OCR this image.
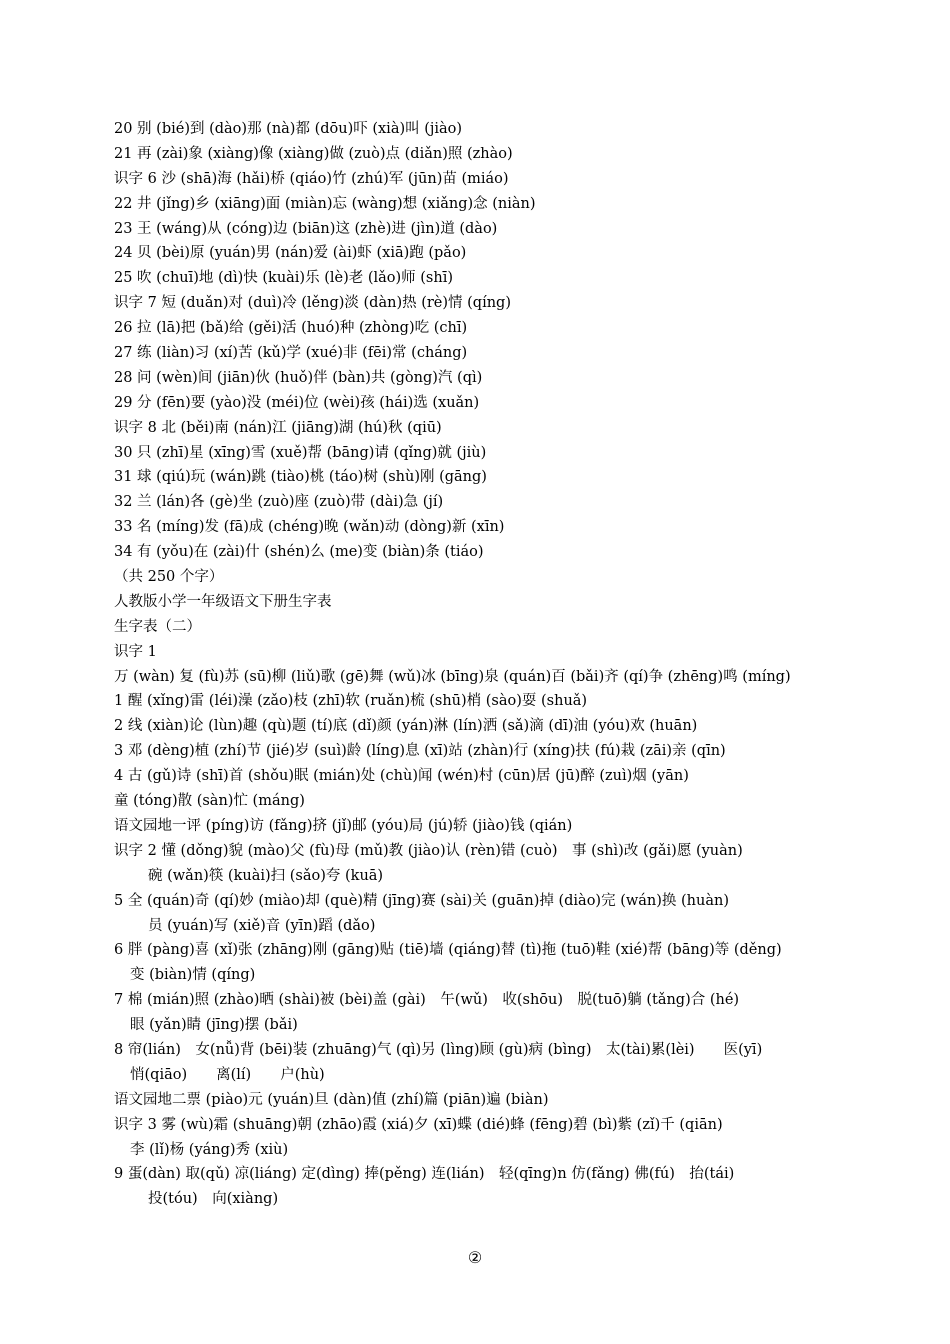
20 别 (bié)到 (dào)那 (nà)都 (dōu)吓 (xià)叫 (jiào)
21 再 (zài)象 (xiàng)像 (xiàng)做 (zuò)点 (diǎn)照 (zhào)
识字 6 沙 (shā)海 (hǎi)桥 (qiáo)竹 (zhú)军 (jūn)苗 (miáo)
22 井 (jǐng)乡 (xiāng)面 (miàn)忘 (wàng)想 (xiǎng)念 (niàn)
23 王 (wáng)从 (cóng)边 (biān)这 (zhè)进 (jìn)道 (dào)
24 贝 (bèi)原 (yuán)男 (nán)爱 (ài)虾 (xiā)跑 (pǎo)
25 吹 (chuī)地 (dì)快 (kuài)乐 (lè)老 (lǎo)师 (shī)
识字 7 短 (duǎn)对 (duì)冷 (lěng)淡 (dàn)热 (rè)情 (qíng)
26 拉 (lā)把 (bǎ)给 (gěi)活 (huó)种 (zhòng)吃 (chī)
27 练 (liàn)习 (xí)苦 (kǔ)学 (xué)非 (fēi)常 (cháng)
28 问 (wèn)间 (jiān)伙 (huǒ)伴 (bàn)共 (gòng)汽 (qì)
29 分 (fēn)要 (yào)没 (méi)位 (wèi)孩 (hái)选 (xuǎn)
识字 8 北 (běi)南 (nán)江 (jiāng)湖 (hú)秋 (qiū)
30 只 (zhī)星 (xīng)雪 (xuě)帮 (bāng)请 (qǐng)就 (jiù)
31 球 (qiú)玩 (wán)跳 (tiào)桃 (táo)树 (shù)刚 (gāng)
32 兰 (lán)各 (gè)坐 (zuò)座 (zuò)带 (dài)急 (jí)
33 名 (míng)发 (fā)成 (chéng)晚 (wǎn)动 (dòng)新 (xīn)
34 有 (yǒu)在 (zài)什 (shén)么 (me)变 (biàn)条 (tiáo)
（共 250 个字）
人教版小学一年级语文下册生字表
生字表（二）
识字 1
万 (wàn) 复 (fù)苏 (sū)柳 (liǔ)歌 (gē)舞 (wǔ)冰 (bīng)泉 (quán)百 (bǎi)齐 (qí)争 (zhēng)鸣 (míng)
1 醒 (xǐng)雷 (léi)澡 (zǎo)枝 (zhī)软 (ruǎn)梳 (shū)梢 (sào)耍 (shuǎ)
2 线 (xiàn)论 (lùn)趣 (qù)题 (tí)底 (dǐ)颜 (yán)淋 (lín)洒 (sǎ)滴 (dī)油 (yóu)欢 (huān)
3 邓 (dèng)植 (zhí)节 (jié)岁 (suì)龄 (líng)息 (xī)站 (zhàn)行 (xíng)扶 (fú)栽 (zāi)亲 (qīn)
4 古 (gǔ)诗 (shī)首 (shǒu)眠 (mián)处 (chù)闻 (wén)村 (cūn)居 (jū)醉 (zuì)烟 (yān)
童 (tóng)散 (sàn)忙 (máng)
语文园地一评 (píng)访 (fǎng)挤 (jǐ)邮 (yóu)局 (jú)轿 (jiào)钱 (qián)
识字 2 懂 (dǒng)貌 (mào)父 (fù)母 (mǔ)教 (jiào)认 (rèn)错 (cuò)　事 (shì)改 (gǎi)愿 (yuàn)
碗 (wǎn)筷 (kuài)扫 (sǎo)夸 (kuā)
5 全 (quán)奇 (qí)妙 (miào)却 (què)精 (jīng)赛 (sài)关 (guān)掉 (diào)完 (wán)换 (huàn)
员 (yuán)写 (xiě)音 (yīn)蹈 (dǎo)
6 胖 (pàng)喜 (xǐ)张 (zhāng)刚 (gāng)贴 (tiē)墙 (qiáng)替 (tì)拖 (tuō)鞋 (xié)帮 (bāng)等 (děng)
变 (biàn)情 (qíng)
7 棉 (mián)照 (zhào)晒 (shài)被 (bèi)盖 (gài)　午(wǔ)　收(shōu)　脱(tuō)躺 (tǎng)合 (hé)
眼 (yǎn)睛 (jīng)摆 (bǎi)
8 帘(lián)　女(nǚ)背 (bēi)装 (zhuāng)气 (qì)另 (lìng)顾 (gù)病 (bìng)　太(tài)累(lèi)　　医(yī)
悄(qiāo)　　离(lí)　　户(hù)
语文园地二票 (piào)元 (yuán)旦 (dàn)值 (zhí)篇 (piān)遍 (biàn)
识字 3 雾 (wù)霜 (shuāng)朝 (zhāo)霞 (xiá)夕 (xī)蝶 (dié)蜂 (fēng)碧 (bì)紫 (zǐ)千 (qiān)
李 (lǐ)杨 (yáng)秀 (xiù)
9 蛋(dàn) 取(qǔ) 凉(liáng) 定(dìng) 捧(pěng) 连(lián)　轻(qīng)n 仿(fǎng) 佛(fú)　抬(tái)
投(tóu)　向(xiàng)
②
